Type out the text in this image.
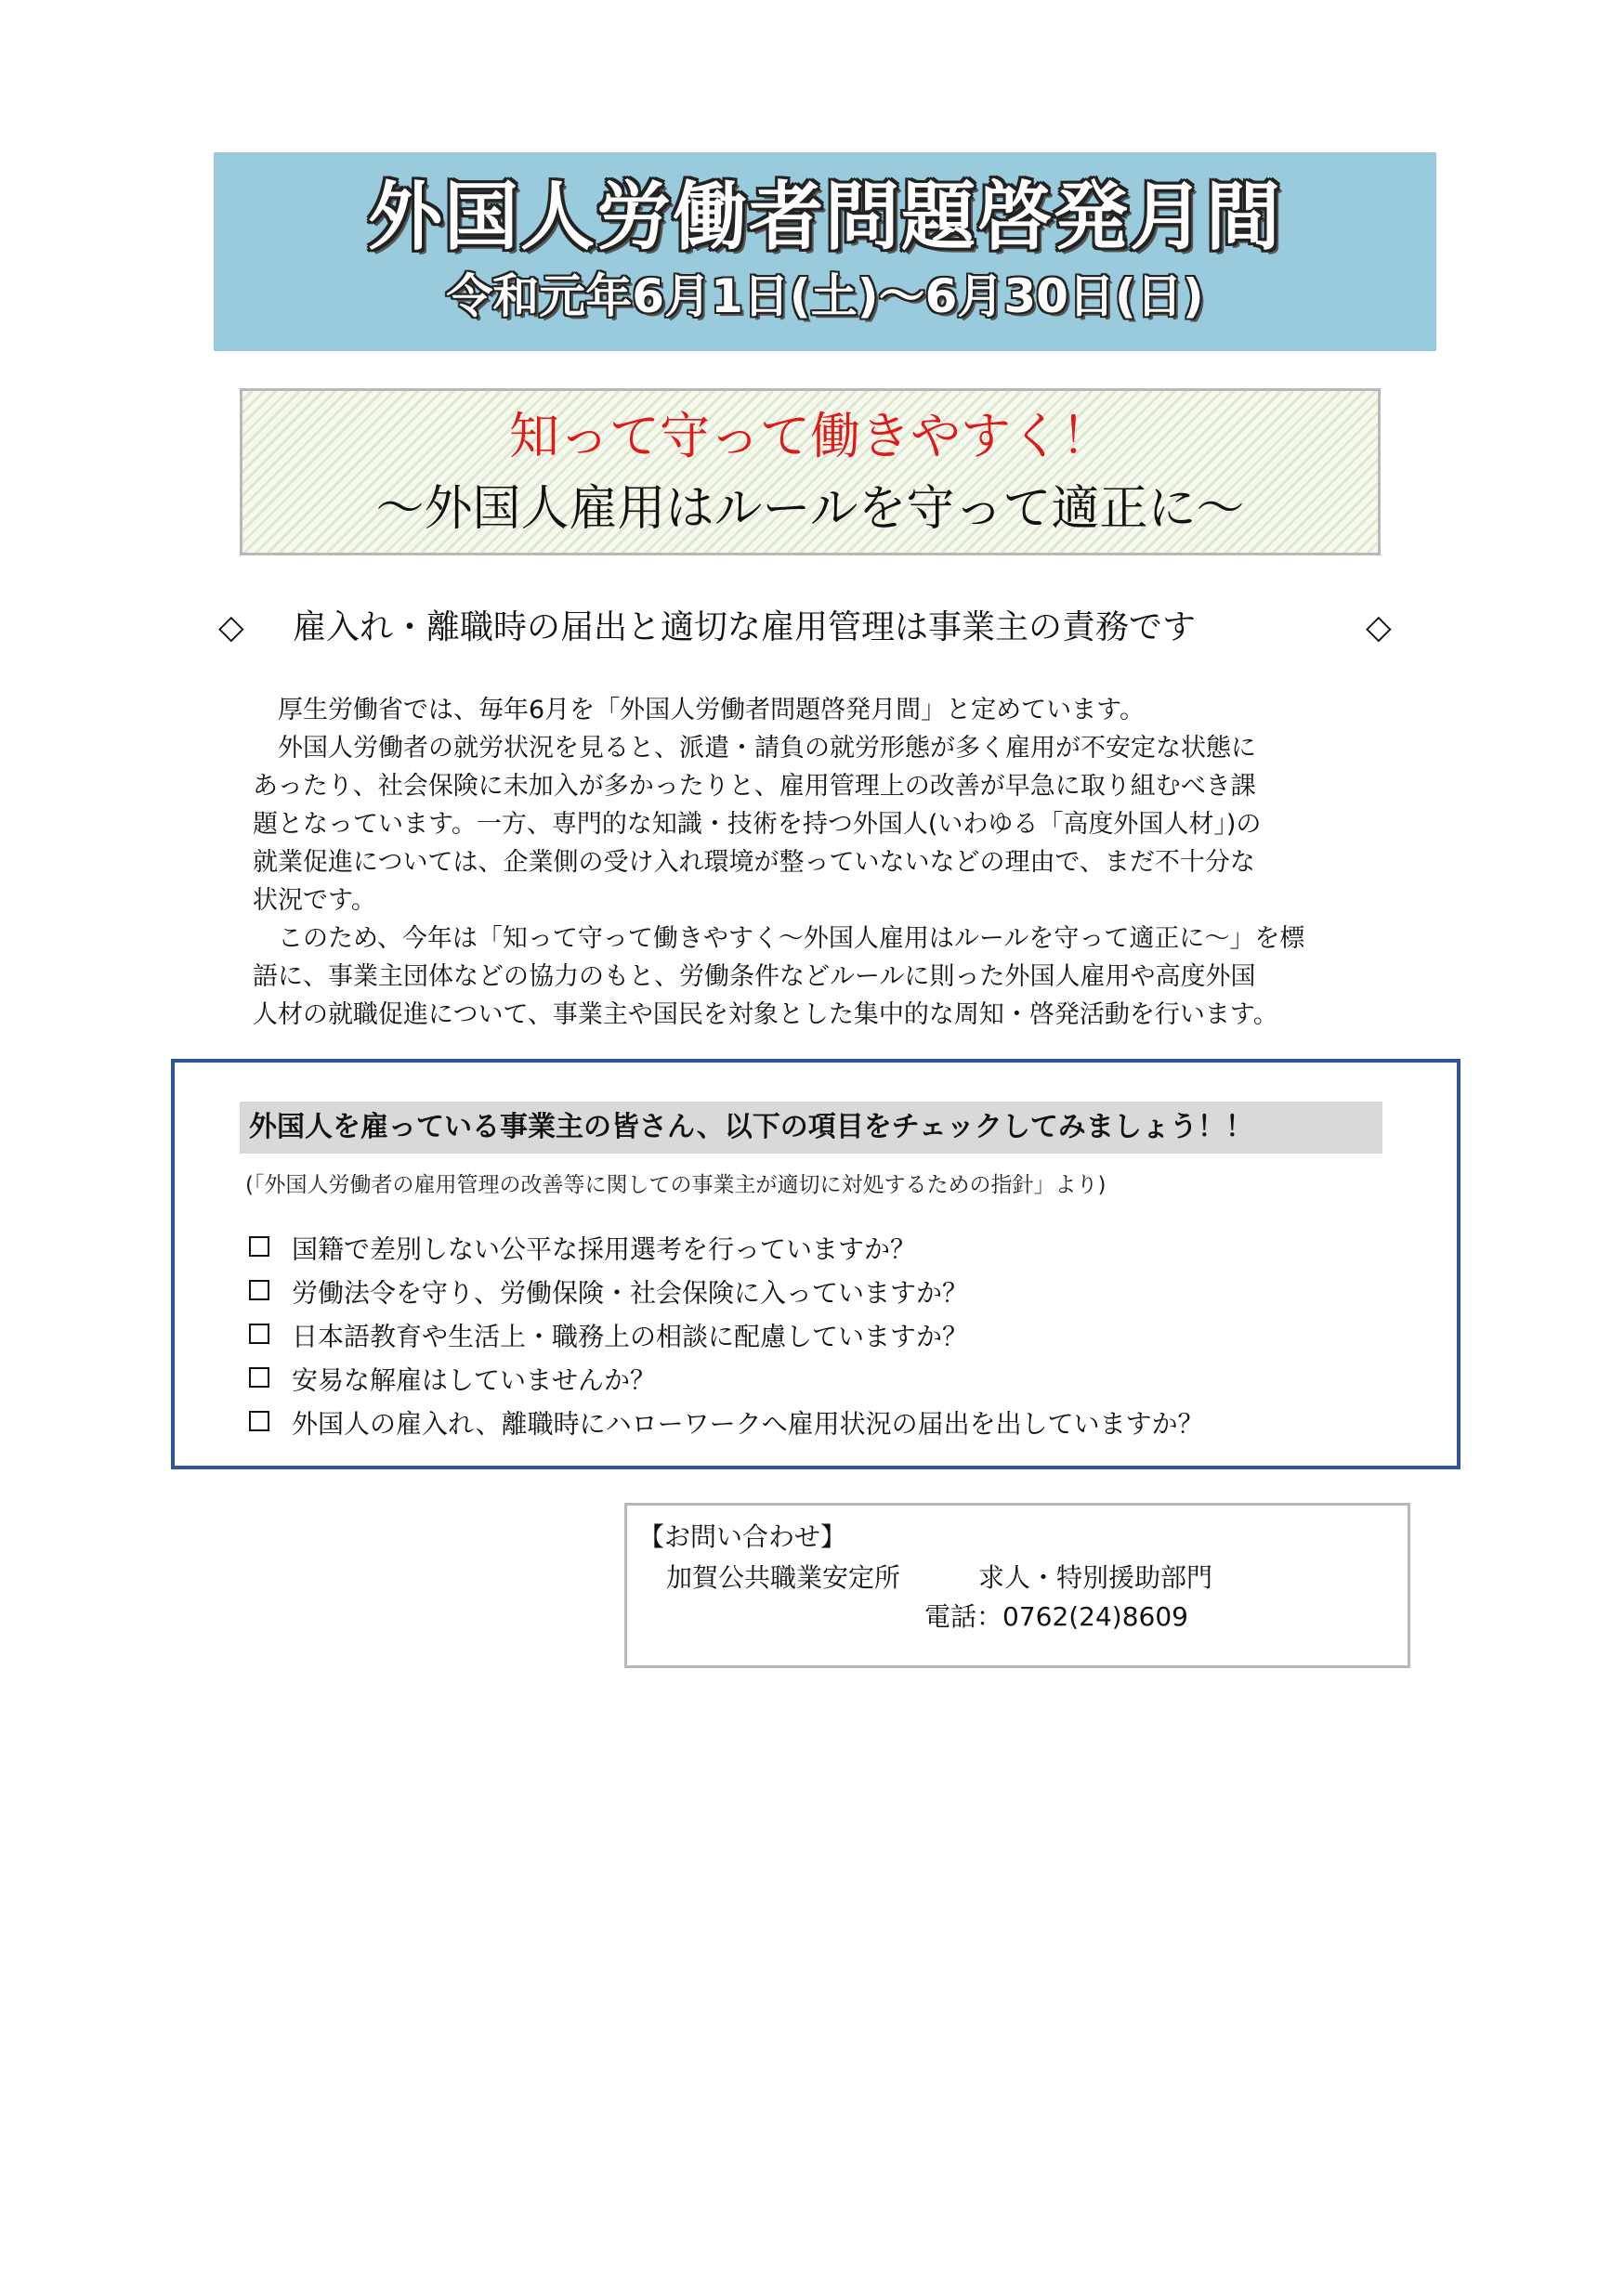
外国人労働者問題啓発月間
令和元年6月1日(土)～6月30日(日)
知って守って働きやすく！
～外国人雇用はルールを守って適正に～
◇ 雇入れ・離職時の届出と適切な雇用管理は事業主の責務です	◇
　厚生労働省では、毎年6月を「外国人労働者問題啓発月間」と定めています。
　外国人労働者の就労状況を見ると、派遣・請負の就労形態が多く雇用が不安定な状態に
あったり、社会保険に未加入が多かったりと、雇用管理上の改善が早急に取り組むべき課
題となっています。一方、専門的な知識・技術を持つ外国人(いわゆる「高度外国人材」)の
就業促進については、企業側の受け入れ環境が整っていないなどの理由で、まだ不十分な
状況です。
　このため、今年は「知って守って働きやすく～外国人雇用はルールを守って適正に～」を標
語に、事業主団体などの協力のもと、労働条件などルールに則った外国人雇用や高度外国
人材の就職促進について、事業主や国民を対象とした集中的な周知・啓発活動を行います。
外国人を雇っている事業主の皆さん、以下の項目をチェックしてみましょう！！
(「外国人労働者の雇用管理の改善等に関しての事業主が適切に対処するための指針」より)
国籍で差別しない公平な採用選考を行っていますか？
労働法令を守り、労働保険・社会保険に入っていますか？
日本語教育や生活上・職務上の相談に配慮していますか？
安易な解雇はしていませんか？
外国人の雇入れ、離職時にハローワークへ雇用状況の届出を出していますか？
【お問い合わせ】
加賀公共職業安定所	求人・特別援助部門
電話：0762(24)8609
